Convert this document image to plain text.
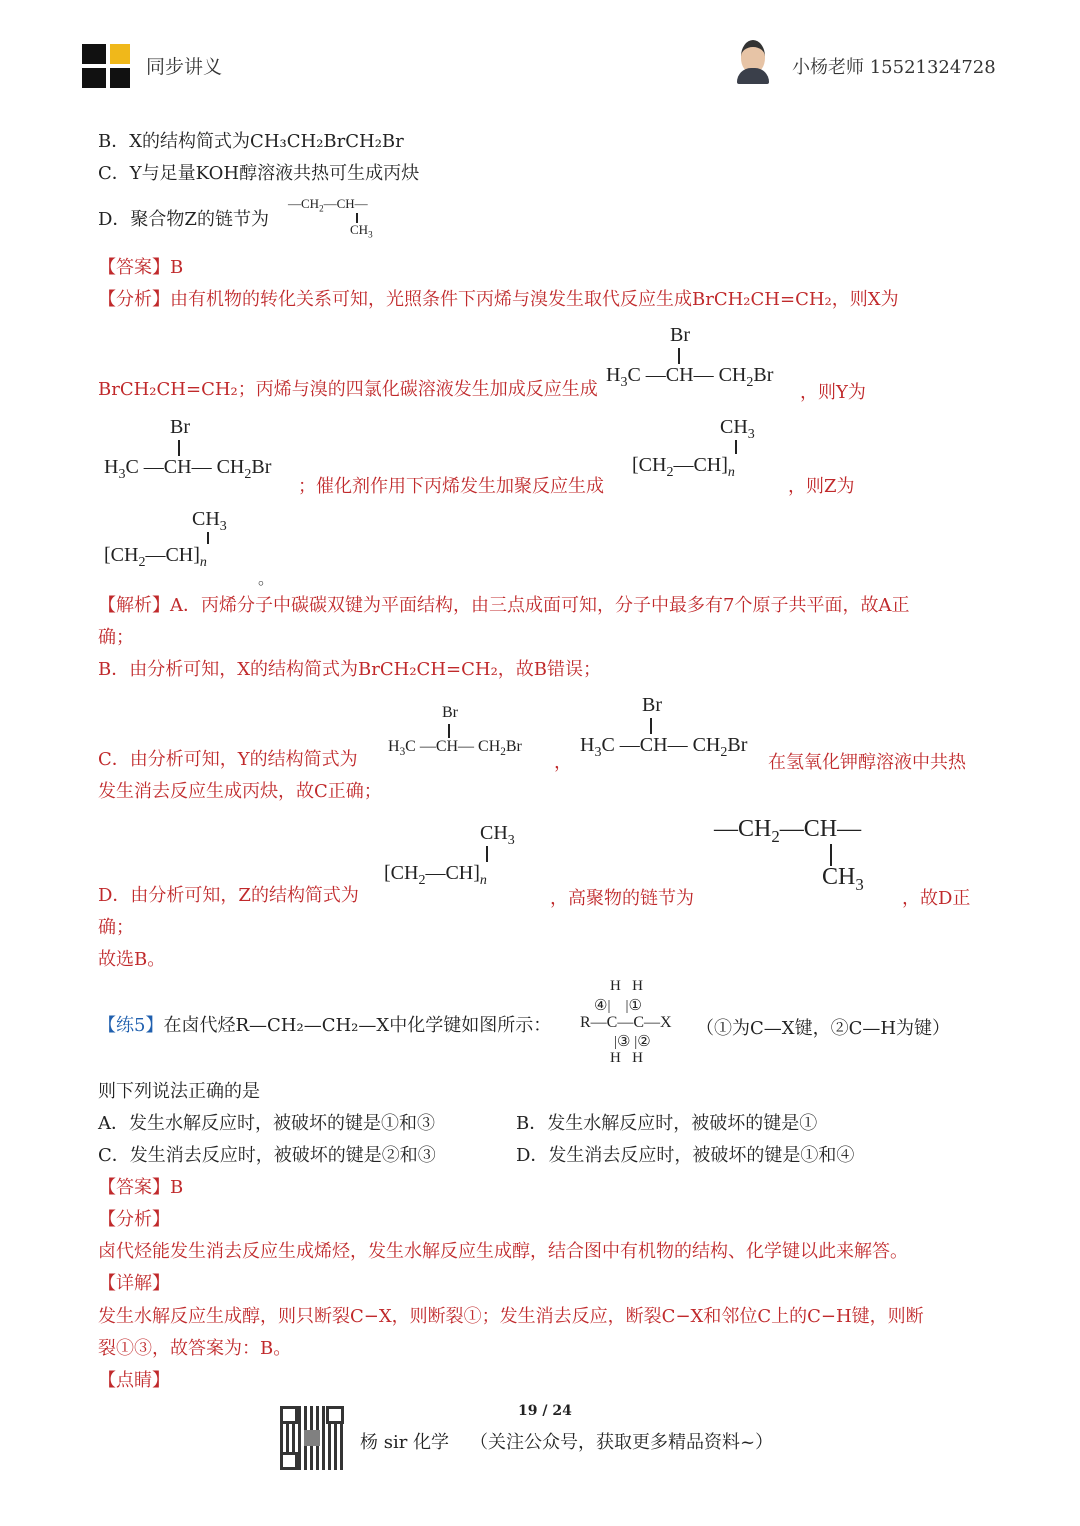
同步讲义	小杨老师 15521324728
B．X的结构简式为CH₃CH₂BrCH₂Br
C．Y与足量KOH醇溶液共热可生成丙炔
D．聚合物Z的链节为
$—CH_2—CH—$
$CH_3$
【答案】B
【分析】由有机物的转化关系可知，光照条件下丙烯与溴发生取代反应生成BrCH₂CH=CH₂，则X为
Br
$H_3C$ —CH— $CH_2Br$
BrCH₂CH=CH₂；丙烯与溴的四氯化碳溶液发生加成反应生成	，则Y为
Br
$H_3C$ —CH— $CH_2Br$
；催化剂作用下丙烯发生加聚反应生成
$CH_3$
$[CH_2—CH]_n$
，则Z为
$CH_3$
$[CH_2—CH]_n$
。
【解析】A．丙烯分子中碳碳双键为平面结构，由三点成面可知，分子中最多有7个原子共平面，故A正
确；
B．由分析可知，X的结构简式为BrCH₂CH=CH₂，故B错误；
C．由分析可知，Y的结构简式为
Br
$H_3C$ —CH— $CH_2Br$
，
Br
$H_3C$ —CH— $CH_2Br$
在氢氧化钾醇溶液中共热
发生消去反应生成丙炔，故C正确；
$CH_3$
$[CH_2—CH]_n$
D．由分析可知，Z的结构简式为	，高聚物的链节为
$—CH_2—CH—$
$CH_3$
，故D正
确；
故选B。
【练5】在卤代烃R—CH₂—CH₂—X中化学键如图所示：
H   H
④|    |①
R—C—C—X
|③ |②
H   H
（①为C—X键，②C—H为键）
则下列说法正确的是
A．发生水解反应时，被破坏的键是①和③	B．发生水解反应时，被破坏的键是①
C．发生消去反应时，被破坏的键是②和③	D．发生消去反应时，被破坏的键是①和④
【答案】B
【分析】
卤代烃能发生消去反应生成烯烃，发生水解反应生成醇，结合图中有机物的结构、化学键以此来解答。
【详解】
发生水解反应生成醇，则只断裂C−X，则断裂①；发生消去反应，断裂C−X和邻位C上的C−H键，则断
裂①③，故答案为：B。
【点睛】
19 / 24
杨 sir 化学 （关注公众号，获取更多精品资料~）
